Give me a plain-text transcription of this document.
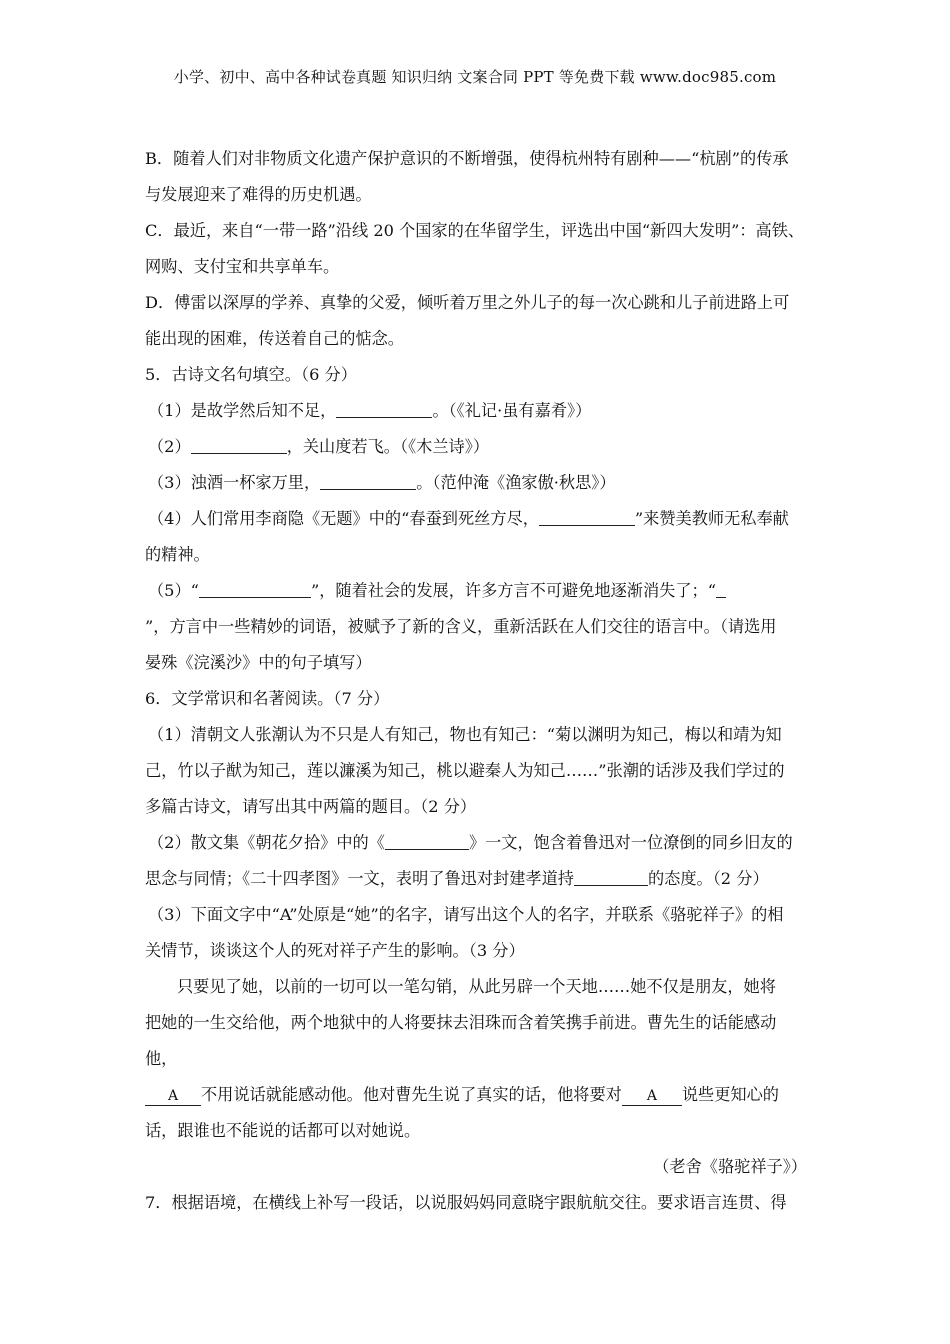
小学、初中、高中各种试卷真题 知识归纳 文案合同 PPT 等免费下载 www.doc985.com
B．随着人们对非物质文化遗产保护意识的不断增强，使得杭州特有剧种——“杭剧”的传承
与发展迎来了难得的历史机遇。
C．最近，来自“一带一路”沿线 20 个国家的在华留学生，评选出中国“新四大发明”：高铁、
网购、支付宝和共享单车。
D．傅雷以深厚的学养、真挚的父爱，倾听着万里之外儿子的每一次心跳和儿子前进路上可
能出现的困难，传送着自己的惦念。
5．古诗文名句填空。（6 分）
（1）是故学然后知不足，	。（《礼记·虽有嘉肴》）
（2）	，关山度若飞。（《木兰诗》）
（3）浊酒一杯家万里，	。（范仲淹《渔家傲·秋思》）
（4）人们常用李商隐《无题》中的“春蚕到死丝方尽，	”来赞美教师无私奉献
的精神。
（5）“	”，随着社会的发展，许多方言不可避免地逐渐消失了；“
”，方言中一些精妙的词语，被赋予了新的含义，重新活跃在人们交往的语言中。（请选用
晏殊《浣溪沙》中的句子填写）
6．文学常识和名著阅读。（7 分）
（1）清朝文人张潮认为不只是人有知己，物也有知己：“菊以渊明为知己，梅以和靖为知
己，竹以子猷为知己，莲以濂溪为知己，桃以避秦人为知己……”张潮的话涉及我们学过的
多篇古诗文，请写出其中两篇的题目。（2 分）
（2）散文集《朝花夕拾》中的《	》一文，饱含着鲁迅对一位潦倒的同乡旧友的
思念与同情；《二十四孝图》一文，表明了鲁迅对封建孝道持	的态度。（2 分）
（3）下面文字中“A”处原是“她”的名字，请写出这个人的名字，并联系《骆驼祥子》的相
关情节，谈谈这个人的死对祥子产生的影响。（3 分）
只要见了她，以前的一切可以一笔勾销，从此另辟一个天地……她不仅是朋友，她将
把她的一生交给他，两个地狱中的人将要抹去泪珠而含着笑携手前进。曹先生的话能感动
他，
A 不用说话就能感动他。他对曹先生说了真实的话，他将要对 A 说些更知心的
话，跟谁也不能说的话都可以对她说。
（老舍《骆驼祥子》）
7．根据语境，在横线上补写一段话，以说服妈妈同意晓宇跟航航交往。要求语言连贯、得
